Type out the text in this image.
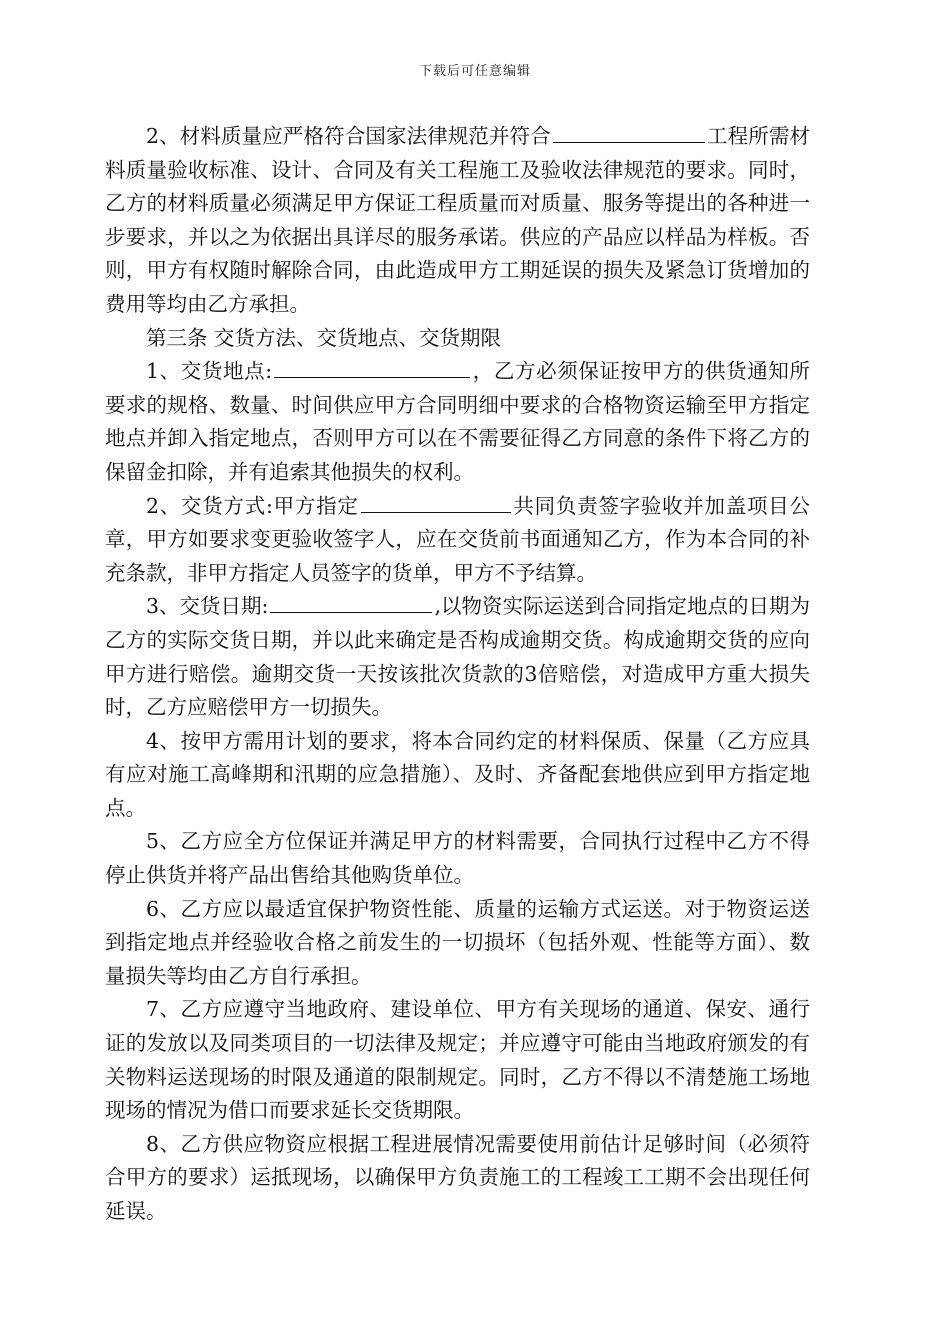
下载后可任意编辑

2、材料质量应严格符合国家法律规范并符合	工程所需材料质量验收标准、设计、合同及有关工程施工及验收法律规范的要求。同时，乙方的材料质量必须满足甲方保证工程质量而对质量、服务等提出的各种进一步要求，并以之为依据出具详尽的服务承诺。供应的产品应以样品为样板。否则，甲方有权随时解除合同，由此造成甲方工期延误的损失及紧急订货增加的费用等均由乙方承担。

第三条 交货方法、交货地点、交货期限

1、交货地点:	，乙方必须保证按甲方的供货通知所要求的规格、数量、时间供应甲方合同明细中要求的合格物资运输至甲方指定地点并卸入指定地点，否则甲方可以在不需要征得乙方同意的条件下将乙方的保留金扣除，并有追索其他损失的权利。

2、交货方式:甲方指定	共同负责签字验收并加盖项目公章，甲方如要求变更验收签字人，应在交货前书面通知乙方，作为本合同的补充条款，非甲方指定人员签字的货单，甲方不予结算。

3、交货日期:	,以物资实际运送到合同指定地点的日期为乙方的实际交货日期，并以此来确定是否构成逾期交货。构成逾期交货的应向甲方进行赔偿。逾期交货一天按该批次货款的3倍赔偿，对造成甲方重大损失时，乙方应赔偿甲方一切损失。

4、按甲方需用计划的要求，将本合同约定的材料保质、保量（乙方应具有应对施工高峰期和汛期的应急措施）、及时、齐备配套地供应到甲方指定地点。

5、乙方应全方位保证并满足甲方的材料需要，合同执行过程中乙方不得停止供货并将产品出售给其他购货单位。

6、乙方应以最适宜保护物资性能、质量的运输方式运送。对于物资运送到指定地点并经验收合格之前发生的一切损坏（包括外观、性能等方面）、数量损失等均由乙方自行承担。

7、乙方应遵守当地政府、建设单位、甲方有关现场的通道、保安、通行证的发放以及同类项目的一切法律及规定；并应遵守可能由当地政府颁发的有关物料运送现场的时限及通道的限制规定。同时，乙方不得以不清楚施工场地现场的情况为借口而要求延长交货期限。

8、乙方供应物资应根据工程进展情况需要使用前估计足够时间（必须符合甲方的要求）运抵现场，以确保甲方负责施工的工程竣工工期不会出现任何延误。
